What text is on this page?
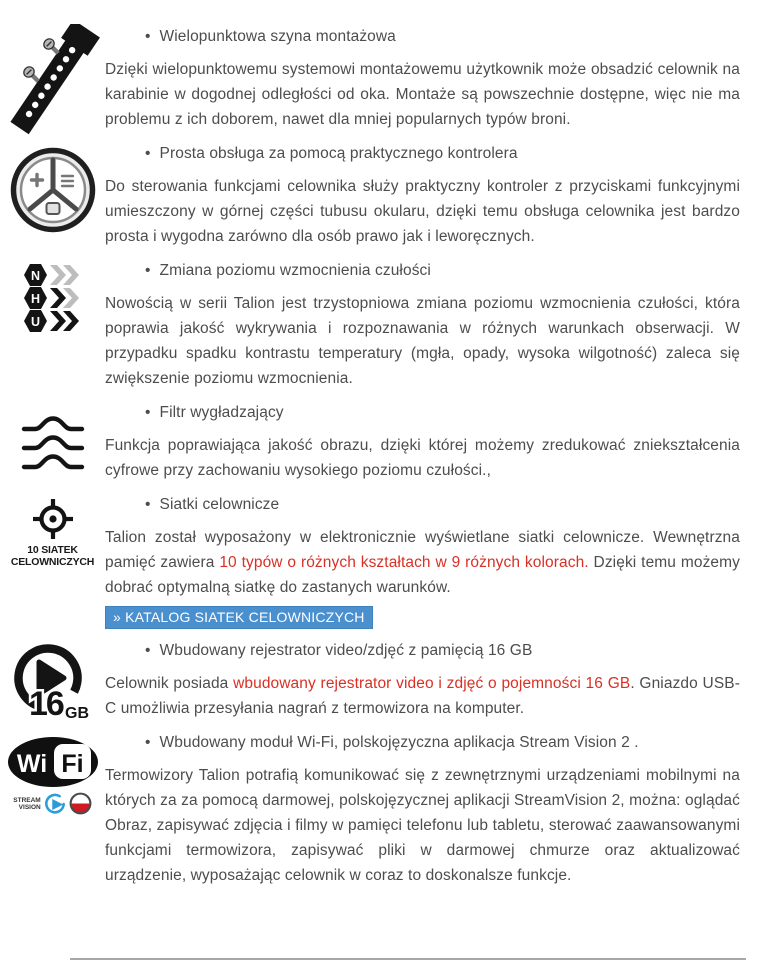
• Wielopunktowa szyna montażowa

Dzięki wielopunktowemu systemowi montażowemu użytkownik może obsadzić celownik na karabinie w dogodnej odległości od oka. Montaże są powszechnie dostępne, więc nie ma problemu z ich doborem, nawet dla mniej popularnych typów broni.

• Prosta obsługa za pomocą praktycznego kontrolera

Do sterowania funkcjami celownika służy praktyczny kontroler z przyciskami funkcyjnymi umieszczony w górnej części tubusu okularu, dzięki temu obsługa celownika jest bardzo prosta i wygodna zarówno dla osób prawo jak i leworęcznych.

N
H
U
• Zmiana poziomu wzmocnienia czułości

Nowością w serii Talion jest trzystopniowa zmiana poziomu wzmocnienia czułości, która poprawia jakość wykrywania i rozpoznawania w różnych warunkach obserwacji. W przypadku spadku kontrastu temperatury (mgła, opady, wysoka wilgotność) zaleca się zwiększenie poziomu wzmocnienia.

• Filtr wygładzający

Funkcja poprawiająca jakość obrazu, dzięki której możemy zredukować zniekształcenia cyfrowe przy zachowaniu wysokiego poziomu czułości.,

10 SIATEK
CELOWNICZYCH
• Siatki celownicze

Talion został wyposażony w elektronicznie wyświetlane siatki celownicze. Wewnętrzna pamięć zawiera 10 typów o różnych kształtach w 9 różnych kolorach. Dzięki temu możemy dobrać optymalną siatkę do zastanych warunków.

» KATALOG SIATEK CELOWNICZYCH
16 GB
• Wbudowany rejestrator video/zdjęć z pamięcią 16 GB

Celownik posiada wbudowany rejestrator video i zdjęć o pojemności 16 GB. Gniazdo USB-C umożliwia przesyłania nagrań z termowizora na komputer.

Wi Fi
STREAM
VISION
• Wbudowany moduł Wi-Fi, polskojęzyczna aplikacja Stream Vision 2 .

Termowizory Talion potrafią komunikować się z zewnętrznymi urządzeniami mobilnymi na których za za pomocą darmowej, polskojęzycznej aplikacji StreamVision 2, można: oglądać Obraz, zapisywać zdjęcia i filmy w pamięci telefonu lub tabletu, sterować zaawansowanymi funkcjami termowizora, zapisywać pliki w darmowej chmurze oraz aktualizować urządzenie, wyposażając celownik w coraz to doskonalsze funkcje.
